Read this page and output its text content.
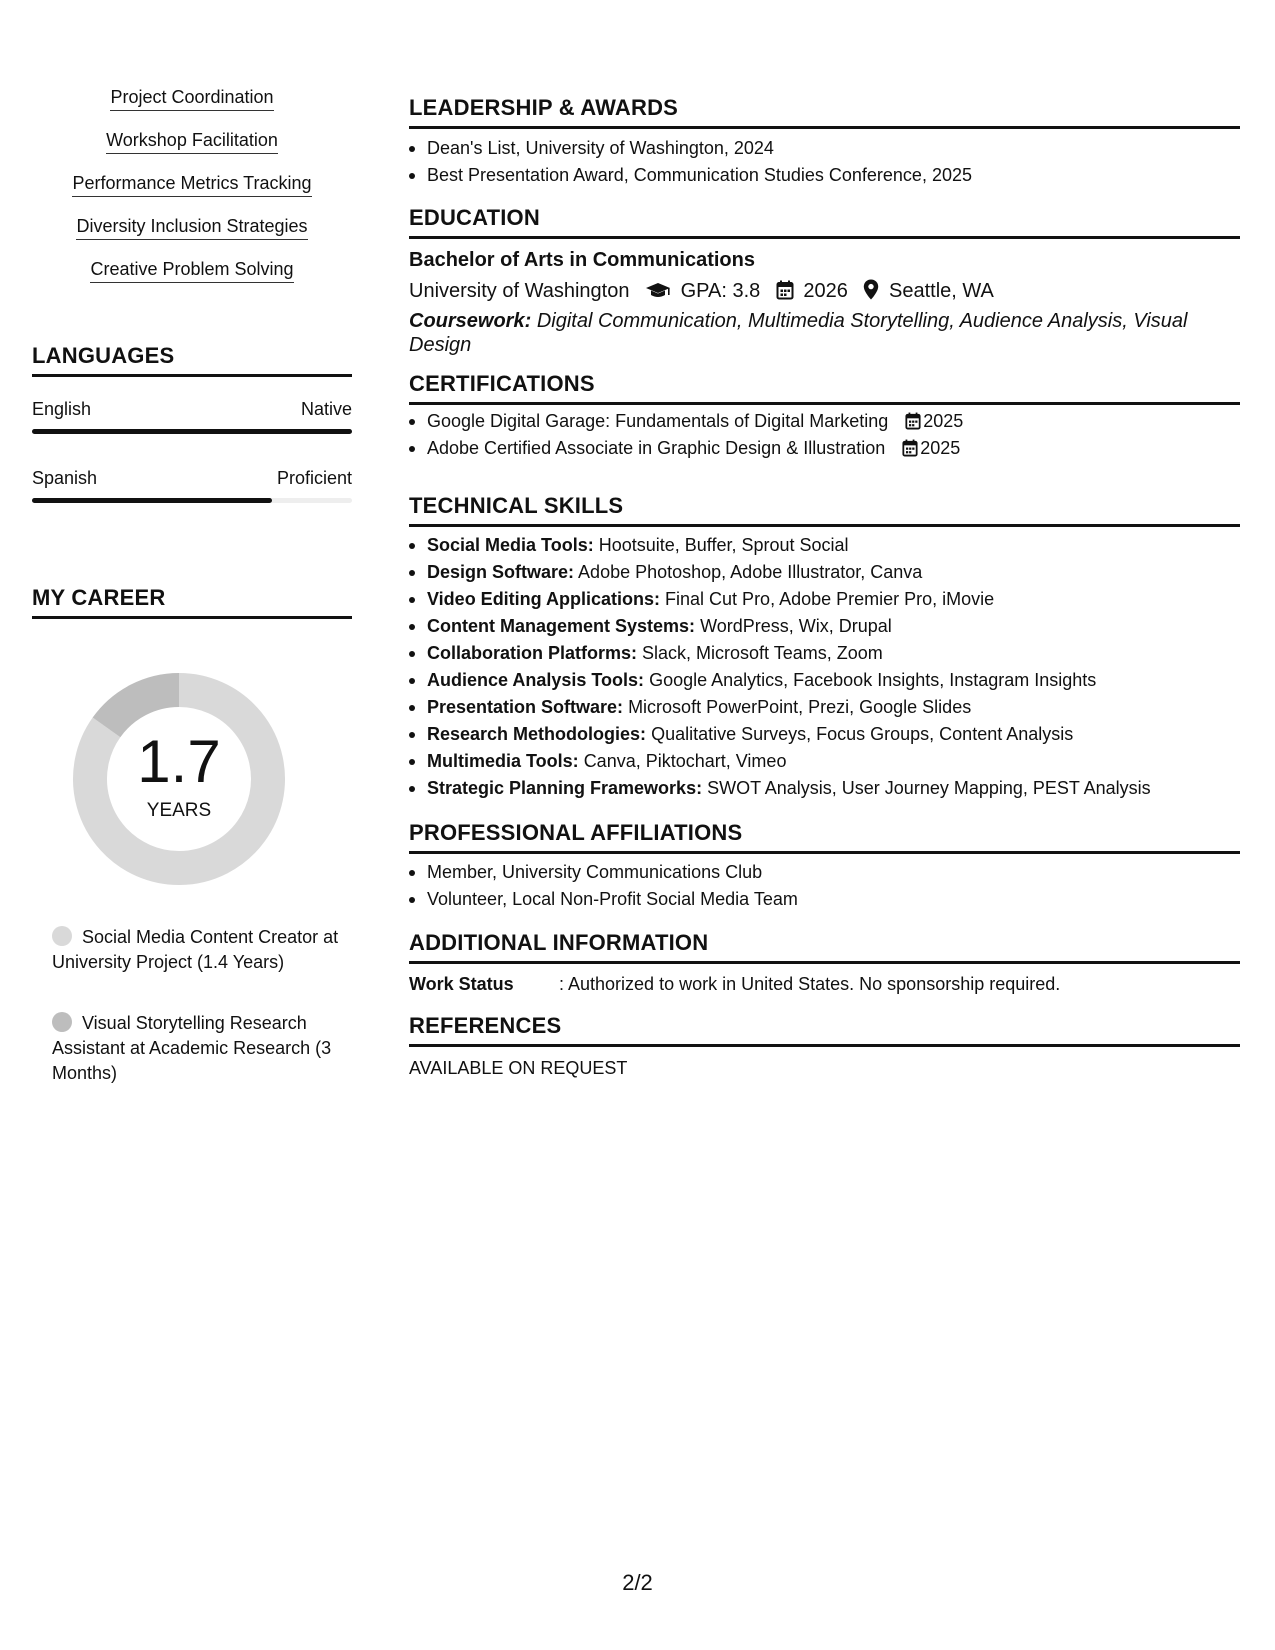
Project Coordination
Workshop Facilitation
Performance Metrics Tracking
Diversity Inclusion Strategies
Creative Problem Solving
LANGUAGES
English	Native
Spanish	Proficient
MY CAREER
1.7
YEARS
Social Media Content Creator at University Project (1.4 Years)
Visual Storytelling Research Assistant at Academic Research (3 Months)
LEADERSHIP & AWARDS
Dean's List, University of Washington, 2024
Best Presentation Award, Communication Studies Conference, 2025
EDUCATION
Bachelor of Arts in Communications
University of Washington	GPA: 3.8 2026 Seattle, WA
Coursework: Digital Communication, Multimedia Storytelling, Audience Analysis, Visual Design
CERTIFICATIONS
Google Digital Garage: Fundamentals of Digital Marketing 2025
Adobe Certified Associate in Graphic Design & Illustration 2025
TECHNICAL SKILLS
Social Media Tools: Hootsuite, Buffer, Sprout Social
Design Software: Adobe Photoshop, Adobe Illustrator, Canva
Video Editing Applications: Final Cut Pro, Adobe Premier Pro, iMovie
Content Management Systems: WordPress, Wix, Drupal
Collaboration Platforms: Slack, Microsoft Teams, Zoom
Audience Analysis Tools: Google Analytics, Facebook Insights, Instagram Insights
Presentation Software: Microsoft PowerPoint, Prezi, Google Slides
Research Methodologies: Qualitative Surveys, Focus Groups, Content Analysis
Multimedia Tools: Canva, Piktochart, Vimeo
Strategic Planning Frameworks: SWOT Analysis, User Journey Mapping, PEST Analysis
PROFESSIONAL AFFILIATIONS
Member, University Communications Club
Volunteer, Local Non-Profit Social Media Team
ADDITIONAL INFORMATION
Work Status	: Authorized to work in United States. No sponsorship required.
REFERENCES
AVAILABLE ON REQUEST
2/2
